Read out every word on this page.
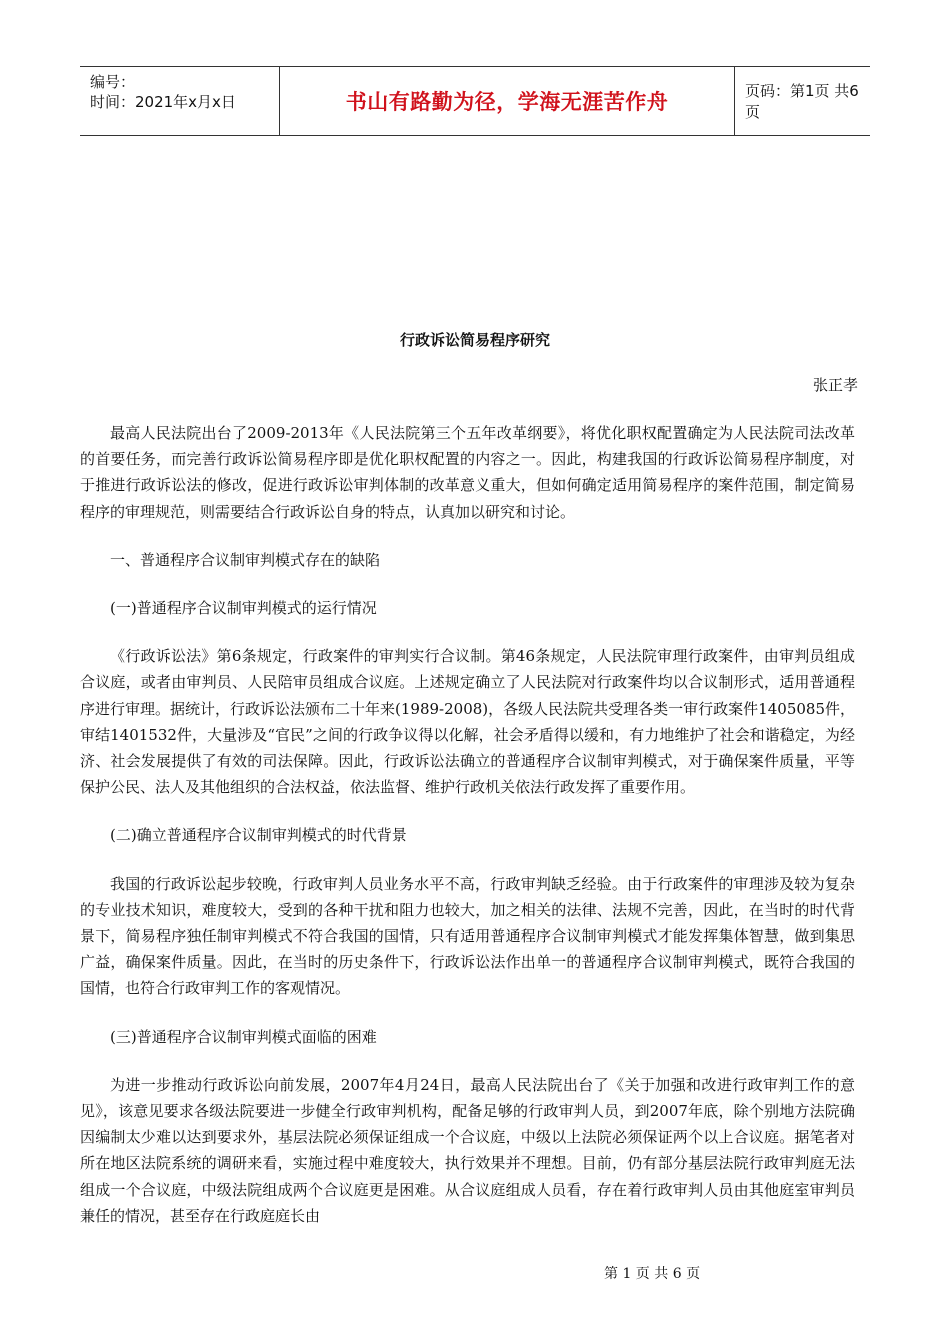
编号：
时间：2021年x月x日	书山有路勤为径，学海无涯苦作舟	页码：第1页 共6页
行政诉讼简易程序研究
张正孝

最高人民法院出台了2009-2013年《人民法院第三个五年改革纲要》，将优化职权配置确定为人民法院司法改革的首要任务，而完善行政诉讼简易程序即是优化职权配置的内容之一。因此，构建我国的行政诉讼简易程序制度，对于推进行政诉讼法的修改，促进行政诉讼审判体制的改革意义重大，但如何确定适用简易程序的案件范围，制定简易程序的审理规范，则需要结合行政诉讼自身的特点，认真加以研究和讨论。

一、普通程序合议制审判模式存在的缺陷

(一)普通程序合议制审判模式的运行情况

《行政诉讼法》第6条规定，行政案件的审判实行合议制。第46条规定，人民法院审理行政案件，由审判员组成合议庭，或者由审判员、人民陪审员组成合议庭。上述规定确立了人民法院对行政案件均以合议制形式，适用普通程序进行审理。据统计，行政诉讼法颁布二十年来(1989-2008)，各级人民法院共受理各类一审行政案件1405085件，审结1401532件，大量涉及“官民”之间的行政争议得以化解，社会矛盾得以缓和，有力地维护了社会和谐稳定，为经济、社会发展提供了有效的司法保障。因此，行政诉讼法确立的普通程序合议制审判模式，对于确保案件质量，平等保护公民、法人及其他组织的合法权益，依法监督、维护行政机关依法行政发挥了重要作用。

(二)确立普通程序合议制审判模式的时代背景

我国的行政诉讼起步较晚，行政审判人员业务水平不高，行政审判缺乏经验。由于行政案件的审理涉及较为复杂的专业技术知识，难度较大，受到的各种干扰和阻力也较大，加之相关的法律、法规不完善，因此，在当时的时代背景下，简易程序独任制审判模式不符合我国的国情，只有适用普通程序合议制审判模式才能发挥集体智慧，做到集思广益，确保案件质量。因此，在当时的历史条件下，行政诉讼法作出单一的普通程序合议制审判模式，既符合我国的国情，也符合行政审判工作的客观情况。

(三)普通程序合议制审判模式面临的困难

为进一步推动行政诉讼向前发展，2007年4月24日，最高人民法院出台了《关于加强和改进行政审判工作的意见》，该意见要求各级法院要进一步健全行政审判机构，配备足够的行政审判人员，到2007年底，除个别地方法院确因编制太少难以达到要求外，基层法院必须保证组成一个合议庭，中级以上法院必须保证两个以上合议庭。据笔者对所在地区法院系统的调研来看，实施过程中难度较大，执行效果并不理想。目前，仍有部分基层法院行政审判庭无法组成一个合议庭，中级法院组成两个合议庭更是困难。从合议庭组成人员看，存在着行政审判人员由其他庭室审判员兼任的情况，甚至存在行政庭庭长由

第 1 页 共 6 页
